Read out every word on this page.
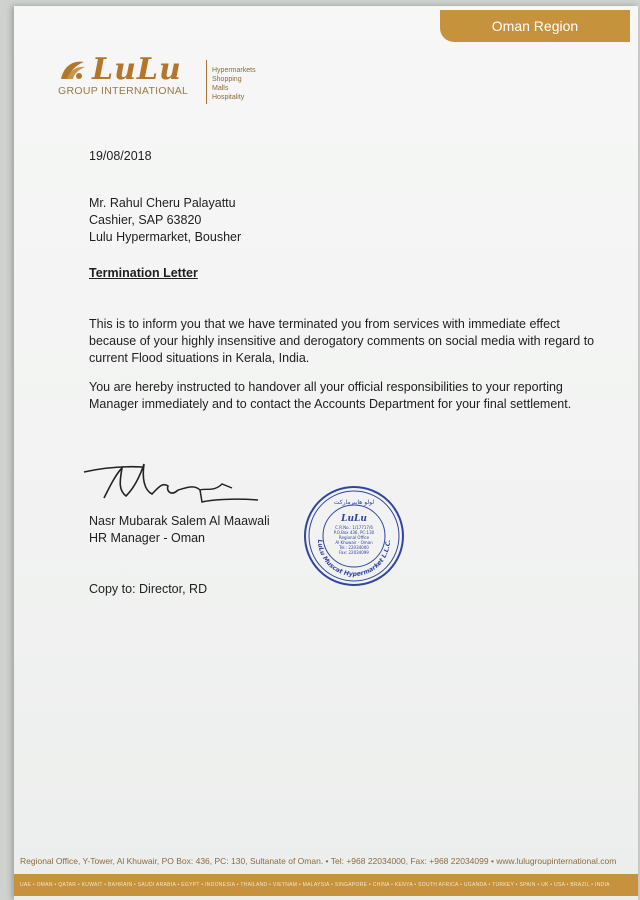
Oman Region
LuLu
GROUP INTERNATIONAL
Hypermarkets
Shopping Malls
Hospitality
19/08/2018
Mr. Rahul Cheru Palayattu
Cashier, SAP 63820
Lulu Hypermarket, Bousher
Termination Letter
This is to inform you that we have terminated you from services with immediate effect because of your highly insensitive and derogatory comments on social media with regard to current Flood situations in Kerala, India.
You are hereby instructed to handover all your official responsibilities to your reporting Manager immediately and to contact the Accounts Department for your final settlement.
Nasr Mubarak Salem Al Maawali
HR Manager - Oman
Copy to: Director, RD
LuLu Muscat Hypermarket L.L.C.
لولو هايبرماركت
LuLu
C.R.No.: 1/17717/6
P.O.Box 436, PC:130
Regional Office
Al Khuwair - Oman
Tel.: 22034000
Fax: 22034099
Regional Office, Y-Tower, Al Khuwair, PO Box: 436, PC: 130, Sultanate of Oman. • Tel: +968 22034000, Fax: +968 22034099 • www.lulugroupinternational.com
UAE • OMAN • QATAR • KUWAIT • BAHRAIN • SAUDI ARABIA • EGYPT • INDONESIA • THAILAND • VIETNAM • MALAYSIA • SINGAPORE • CHINA • KENYA • SOUTH AFRICA • UGANDA • TURKEY • SPAIN • UK • USA • BRAZIL • INDIA
